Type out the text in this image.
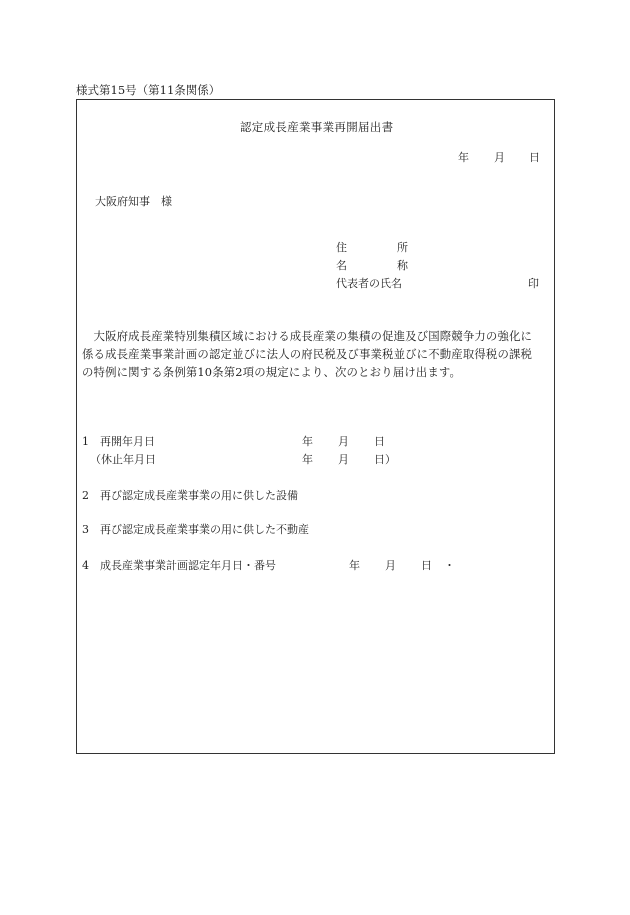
様式第15号（第11条関係）
認定成長産業事業再開届出書
年 月 日
大阪府知事　様
住	所
名	称
代表者の氏名	印
　大阪府成長産業特別集積区域における成長産業の集積の促進及び国際競争力の強化に
係る成長産業事業計画の認定並びに法人の府民税及び事業税並びに不動産取得税の課税
の特例に関する条例第10条第2項の規定により、次のとおり届け出ます。
1 再開年月日	年 月 日
（休止年月日	年 月 日）
2 再び認定成長産業事業の用に供した設備
3 再び認定成長産業事業の用に供した不動産
4 成長産業事業計画認定年月日・番号	年 月 日 ・
